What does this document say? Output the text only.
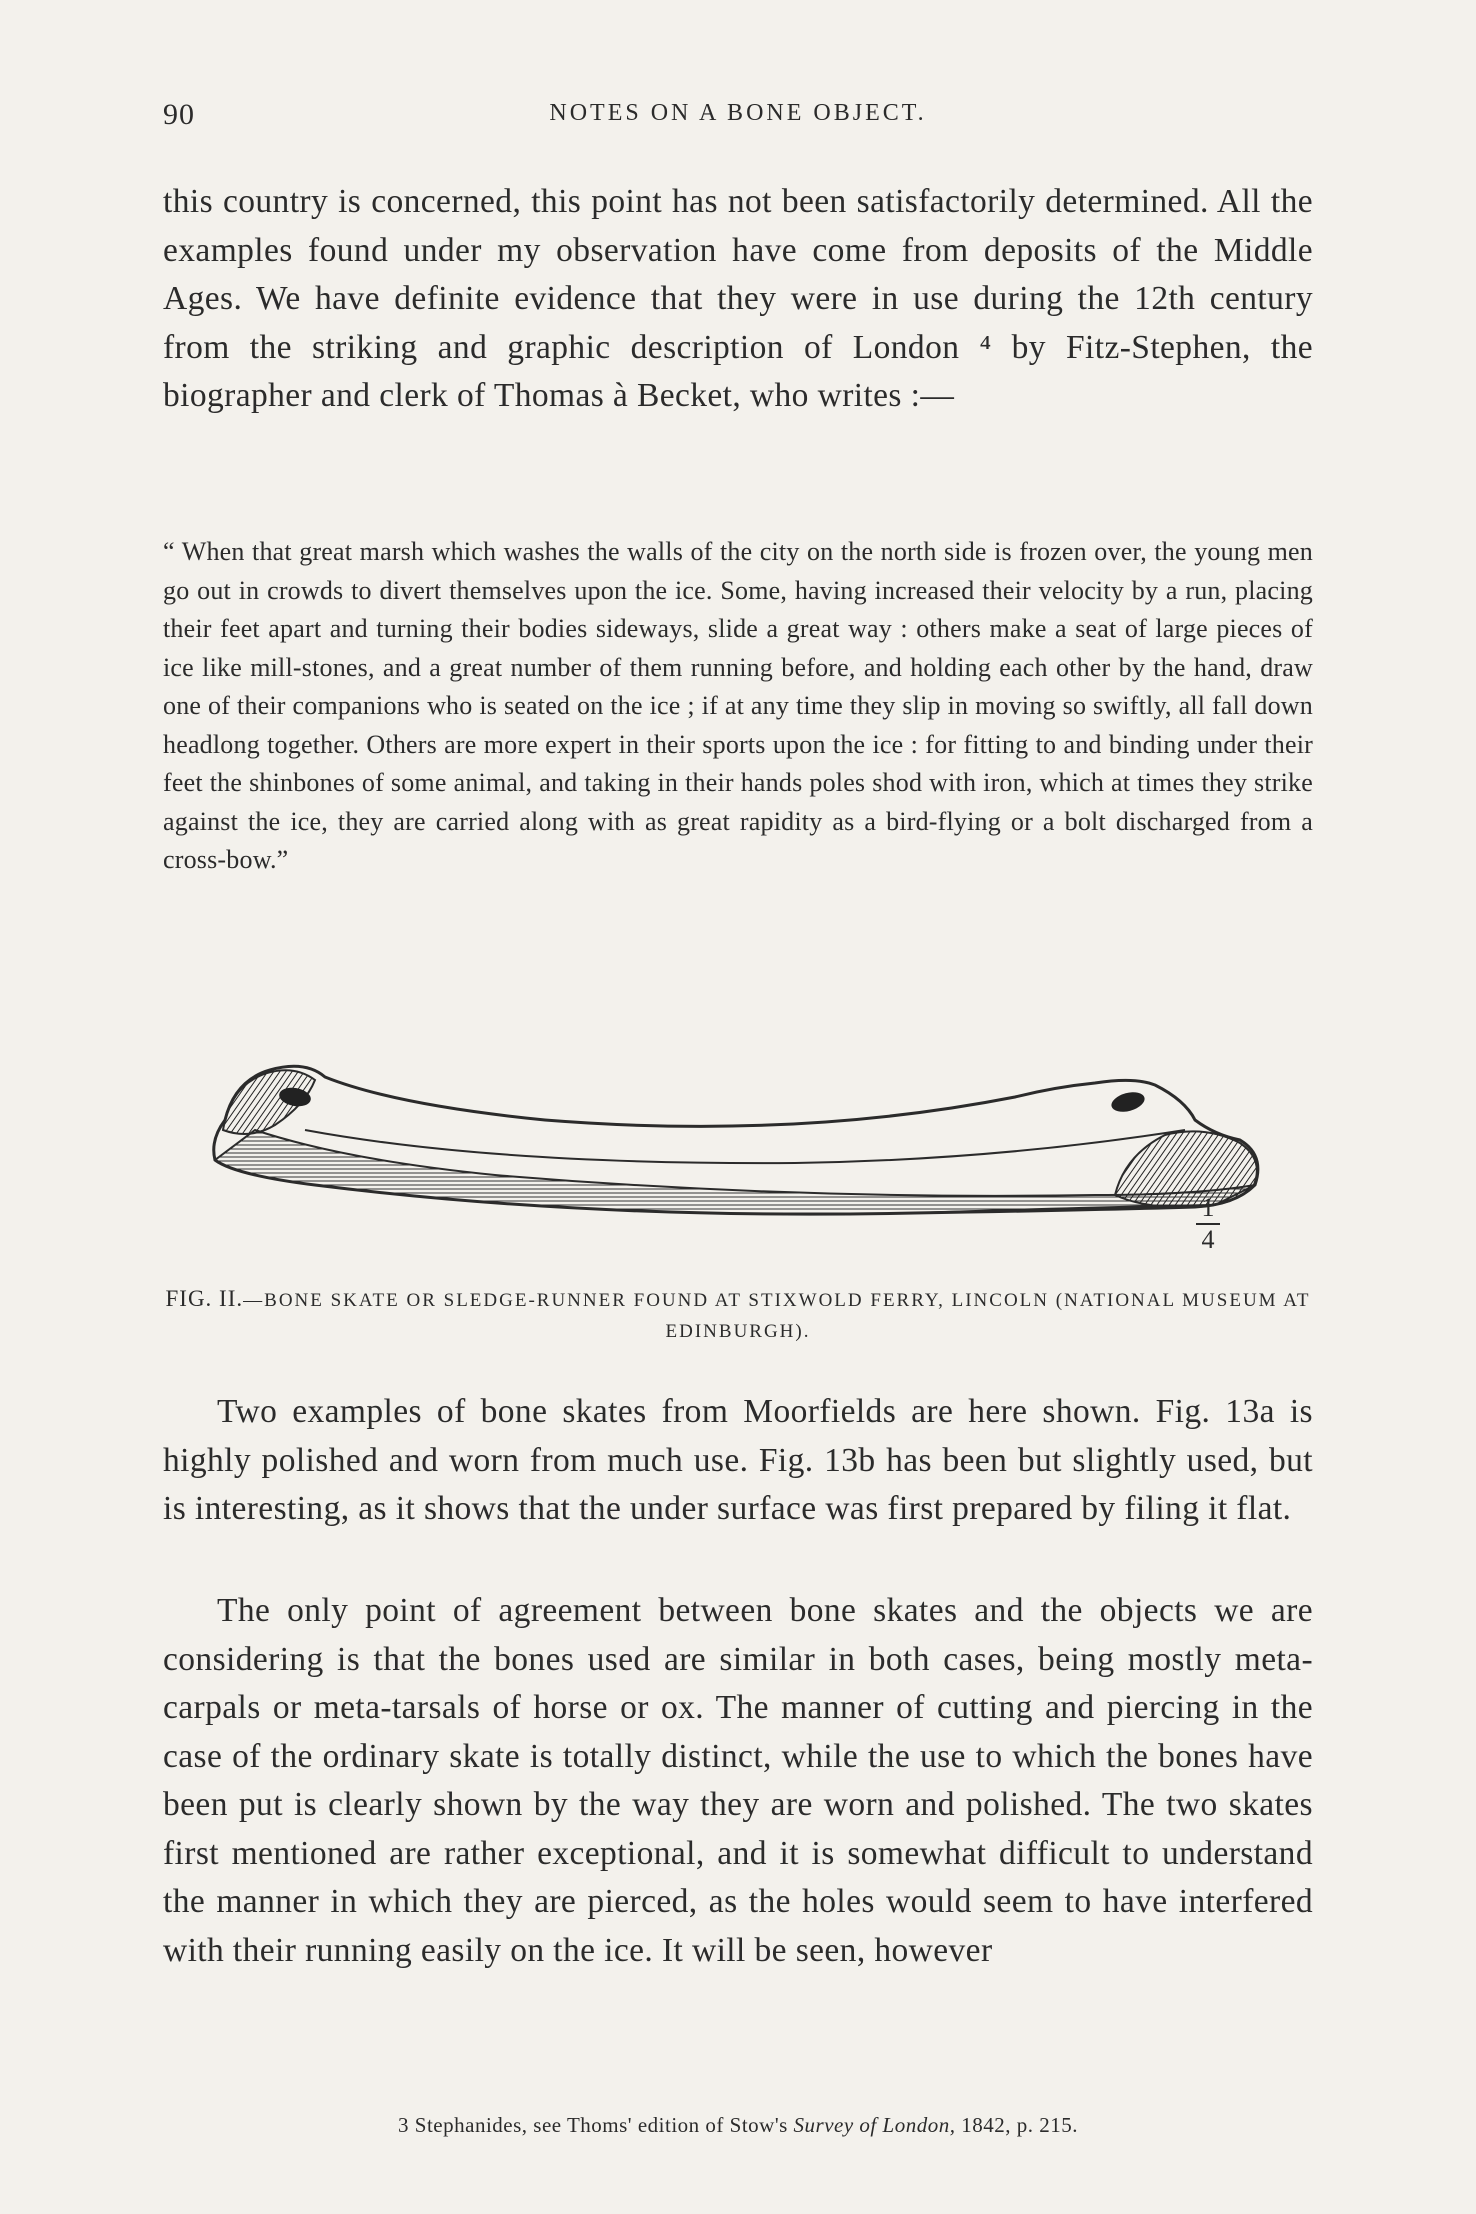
90	NOTES ON A BONE OBJECT.

this country is concerned, this point has not been satisfactorily determined. All the examples found under my observation have come from deposits of the Middle Ages. We have definite evidence that they were in use during the 12th century from the striking and graphic description of London ⁴ by Fitz-Stephen, the biographer and clerk of Thomas à Becket, who writes :—

“ When that great marsh which washes the walls of the city on the north side is frozen over, the young men go out in crowds to divert themselves upon the ice. Some, having increased their velocity by a run, placing their feet apart and turning their bodies sideways, slide a great way : others make a seat of large pieces of ice like mill-stones, and a great number of them running before, and holding each other by the hand, draw one of their companions who is seated on the ice ; if at any time they slip in moving so swiftly, all fall down headlong together. Others are more expert in their sports upon the ice : for fitting to and binding under their feet the shinbones of some animal, and taking in their hands poles shod with iron, which at times they strike against the ice, they are carried along with as great rapidity as a bird-flying or a bolt discharged from a cross-bow.”
1
4
FIG. II.—BONE SKATE OR SLEDGE-RUNNER FOUND AT STIXWOLD FERRY, LINCOLN (NATIONAL MUSEUM AT EDINBURGH).

Two examples of bone skates from Moorfields are here shown. Fig. 13a is highly polished and worn from much use. Fig. 13b has been but slightly used, but is interesting, as it shows that the under surface was first prepared by filing it flat.

The only point of agreement between bone skates and the objects we are considering is that the bones used are similar in both cases, being mostly meta-carpals or meta-tarsals of horse or ox. The manner of cutting and piercing in the case of the ordinary skate is totally distinct, while the use to which the bones have been put is clearly shown by the way they are worn and polished. The two skates first mentioned are rather exceptional, and it is somewhat difficult to understand the manner in which they are pierced, as the holes would seem to have interfered with their running easily on the ice. It will be seen, however

3 Stephanides, see Thoms' edition of Stow's Survey of London, 1842, p. 215.
